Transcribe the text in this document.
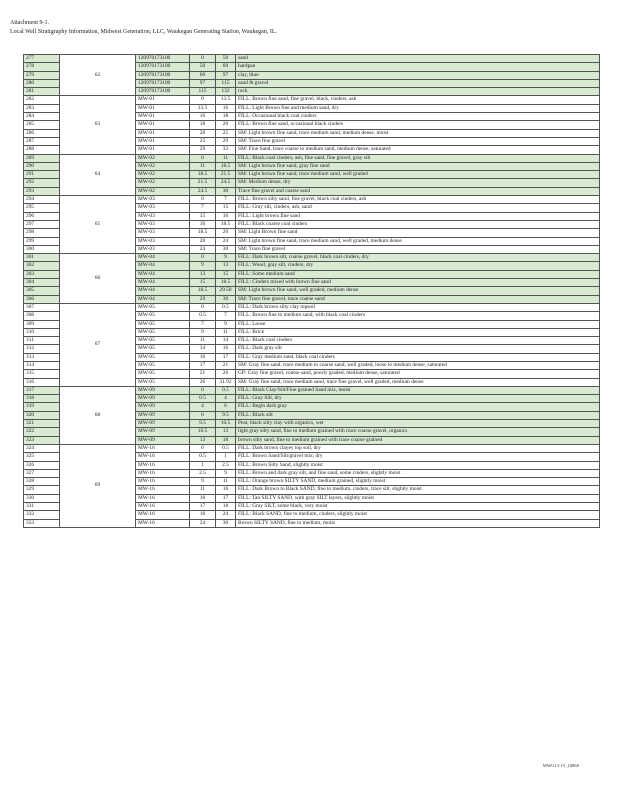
Attachment 9-1.
Local Well Stratigraphy Information, Midwest Generation, LLC, Waukegan Generating Station, Waukegan, IL.
277	62	120970173100	0	50	sand
278		120970173100	50	60	hardpan
279		120970173100	60	97	clay, blue
280		120970173100	97	115	sand & gravel
281		120970173100	115	132	rock
282	63	MW-01	0	13.5	FILL: Brown fine sand, fine gravel, black, cinders, ash
283		MW-01	13.5	16	FILL: Light Brown fine and medium sand, dry
284		MW-01	16	18	FILL: Occasional black coal cinders
285		MW-01	18	20	FILL: Brown fine sand, occasional black cinders
286		MW-01	20	25	SM: Light brown fine sand, trace medium sand, medium dense, moist
287		MW-01	25	29	SM: Trace fine gravel
288		MW-01	29	32	SM: Fine Sand, trace coarse to medium sand, medium dense, saturated
289	64	MW-02	0	11	FILL: Black coal cinders, ash, fine sand, fine gravel, gray silt
290		MW-02	11	18.5	SM: Light brown fine sand, gray fine sand
291		MW-02	18.5	21.5	SM: Light brown fine sand, trace medium sand, well graded
292		MW-02	21.5	24.5	SM: Medium dense, dry
293		MW-02	24.5	30	Trace fine gravel and coarse sand
294	65	MW-03	0	7	FILL: Brown silty sand, fine gravel, black coal cinders, ash
295		MW-03	7	15	FILL: Gray silt, cinders, ash, sand
296		MW-03	15	16	FILL: Light brown fine sand
297		MW-03	16	18.5	FILL: Black coarse coal cinders
298		MW-03	18.5	20	SM: Light Brown fine sand
299		MW-03	20	24	SM: Light brown fine sand, trace medium sand, well graded, medium dense
300		MW-03	24	30	SM: Trace fine gravel
301	66	MW-04	0	9	FILL: Dark brown silt, coarse gravel, black coal cinders, dry
302		MW-04	9	13	FILL: Wood, gray silt, cinders, dry
303		MW-04	13	15	FILL: Some medium sand
304		MW-04	15	18.5	FILL: Cinders mixed with brown fine sand
305		MW-04	18.5	29.58	SM: Light brown fine sand, well graded, medium dense
306		MW-04	29	30	SM: Trace fine gravel, trace coarse sand
307	67	MW-05	0	0.5	FILL: Dark brown silty clay topsoil
308		MW-05	0.5	7	FILL: Brown fine to medium sand, with black coal cinders
309		MW-05	7	9	FILL: Loose
310		MW-05	9	11	FILL: Brick
311		MW-05	11	14	FILL: Black coal cinders
312		MW-05	14	16	FILL: Dark gray silt
313		MW-05	16	17	FILL: Gray medium sand, black coal cinders
314		MW-05	17	21	SM: Gray fine sand, trace medium to coarse sand, well graded, loose to medium dense, saturated
315		MW-05	21	26	GP: Gray fine gravel, coarse sand, poorly graded, medium dense, saturated
316		MW-05	26	31.92	SM: Gray fine sand, trace medium sand, trace fine gravel, well graded, medium dense
317	68	MW-09	0	0.5	FILL: Black Clay/Silt/Fine grained Sand mix, moist
318		MW-09	0.5	4	FILL: Gray Silt, dry
319		MW-09	4	6	FILL: Begin dark gray
320		MW-09	6	9.5	FILL: Black silt
321		MW-09	9.5	10.5	Peat, black silty clay with organics, wet
322		MW-09	10.5	13	light gray silty sand, fine to medium grained with trace coarse gravel, organics
323		MW-09	13	18	brown silty sand, fine to medium grained with trace coarse grained
324	69	MW-16	0	0.5	FILL: Dark brown clayey top soil, dry
325		MW-16	0.5	1	FILL: Brown Sand/Silt/gravel mix, dry
326		MW-16	1	2.5	FILL: Brown Silty Sand, slightly moist
327		MW-16	2.5	9	FILL: Brown and dark gray silt, and fine sand, some cinders, slightly moist
328		MW-16	9	11	FILL: Orange brown SILTY SAND, medium grained, slightly moist
329		MW-16	11	16	FILL: Dark Brown to Black SAND, fine to medium, cinders, trace silt, slightly moist
330		MW-16	16	17	FILL: Tan SILTY SAND, with gray SILT layers, slightly moist
331		MW-16	17	18	FILL: Gray SILT, some black, very moist
332		MW-16	18	24	FILL: Black SAND, fine to medium, cinders, slightly moist
333		MW-16	24	30	Brown SILTY SAND, fine to medium, moist
MWG13-15_10860
